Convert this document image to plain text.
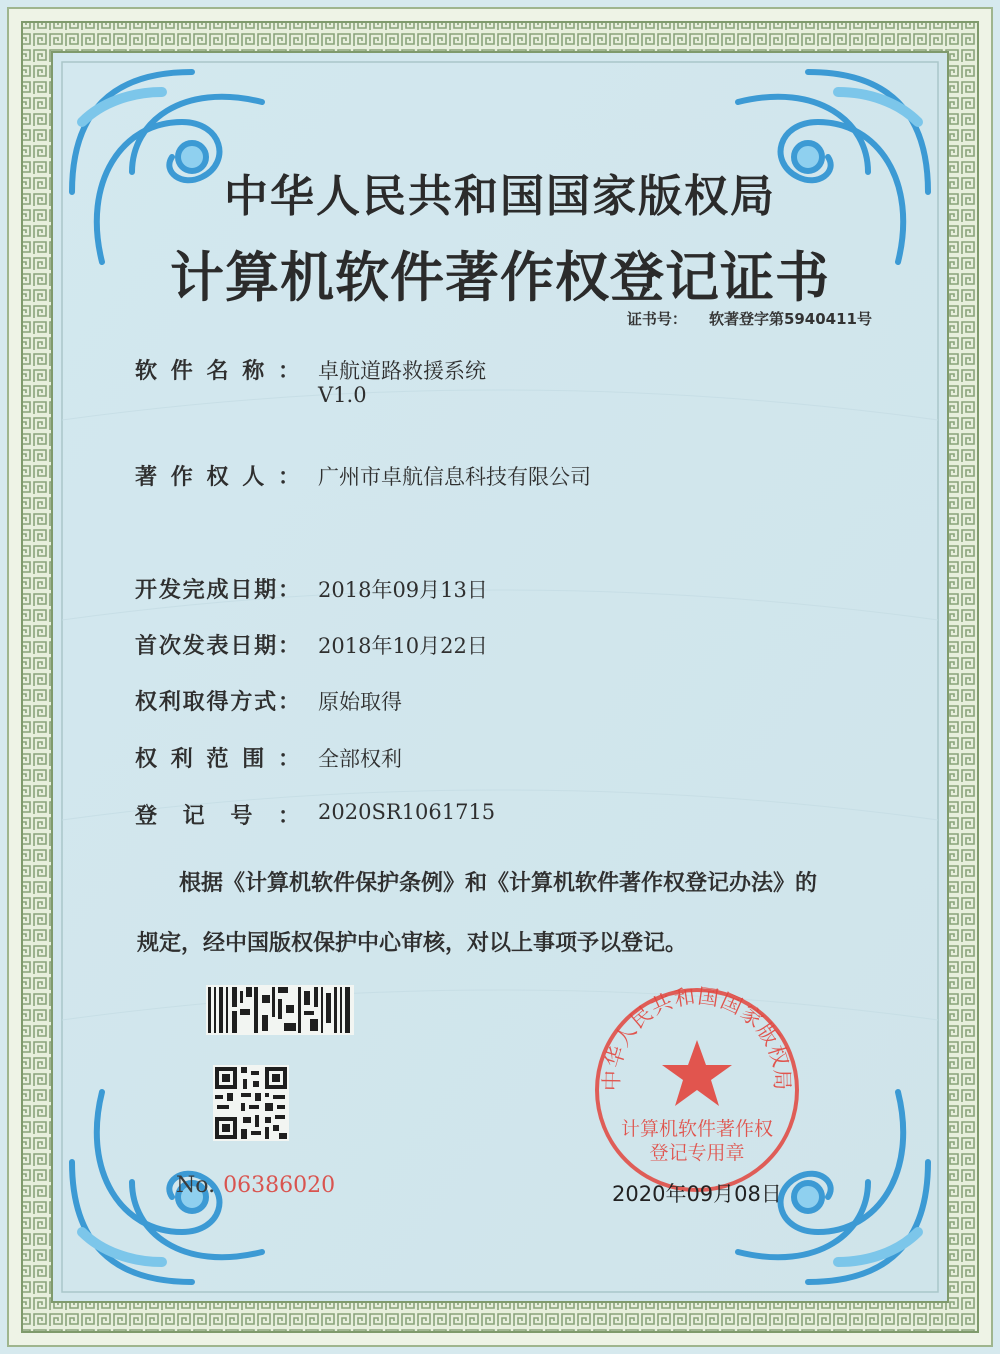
中华人民共和国国家版权局
计算机软件著作权登记证书
证书号： 软著登字第5940411号
软 件 名 称 ： 卓航道路救援系统
V1.0
著 作 权 人 ： 广州市卓航信息科技有限公司
开 发 完 成 日 期 ： 2018年09月13日
首 次 发 表 日 期 ： 2018年10月22日
权 利 取 得 方 式 ： 原始取得
权 利 范 围 ： 全部权利
登 记 号 ： 2020SR1061715
根据《计算机软件保护条例》和《计算机软件著作权登记办法》的
规定，经中国版权保护中心审核，对以上事项予以登记。
No. 06386020
中华人民共和国国家版权局
计算机软件著作权
登记专用章
2020年09月08日
